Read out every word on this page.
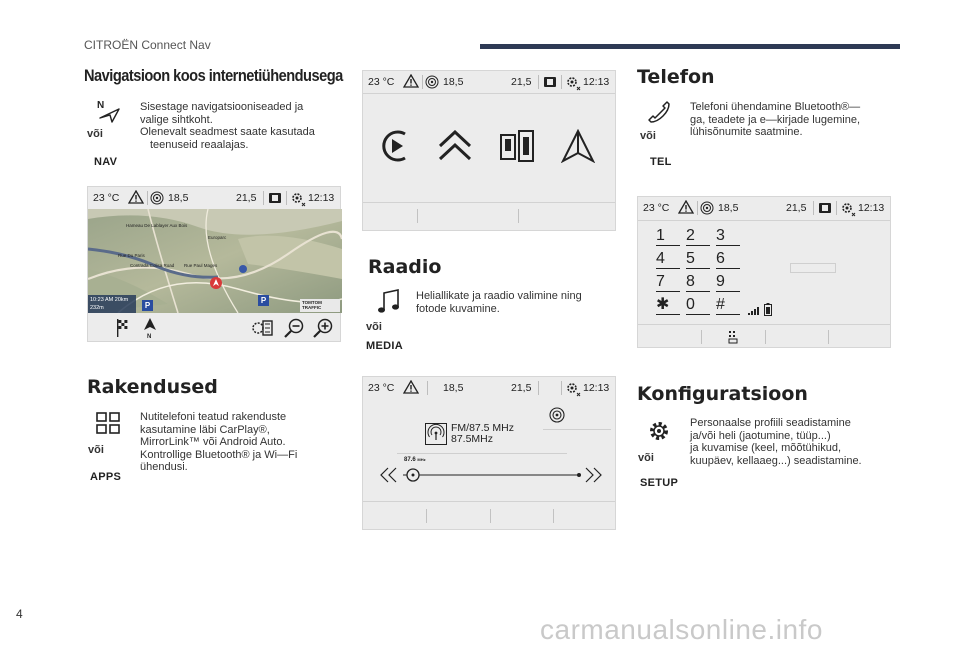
CITROËN Connect Nav
Navigatsioon koos internetiühendusega
N
või
NAV
Sisestage navigatsiooniseaded ja
valige sihtkoht.
Olenevalt seadmest saate kasutada
teenuseid reaalajas.
23 °C	18,5	21,5	12:13
Hameau De Lablayer Aux Bois
Europarc
Rue Du Paris
Contrada Colisa Road Rue Paul Mages
10:23 AM 20km
232m	P
P	TOMTOM TRAFFIC
N
Rakendused
või
APPS
Nutitelefoni teatud rakenduste
kasutamine läbi CarPlay®,
MirrorLink™ või Android Auto.
Kontrollige Bluetooth® ja Wi—Fi
ühendusi.
23 °C	18,5	21,5	12:13
Raadio
või
MEDIA
Heliallikate ja raadio valimine ning
fotode kuvamine.
23 °C	18,5	21,5	12:13
FM/87.5 MHz
87.5MHz
87.6 MHz
Telefon
või
TEL
Telefoni ühendamine Bluetooth®—
ga, teadete ja e—kirjade lugemine,
lühisõnumite saatmine.
23 °C	18,5	21,5	12:13
1	2	3
4	5	6
7	8	9
✱	0	#
Konfiguratsioon
või
SETUP
Personaalse profiili seadistamine
ja/või heli (jaotumine, tüüp...)
ja kuvamise (keel, mõõtühikud,
kuupäev, kellaaeg...) seadistamine.
4	carmanualsonline.info
